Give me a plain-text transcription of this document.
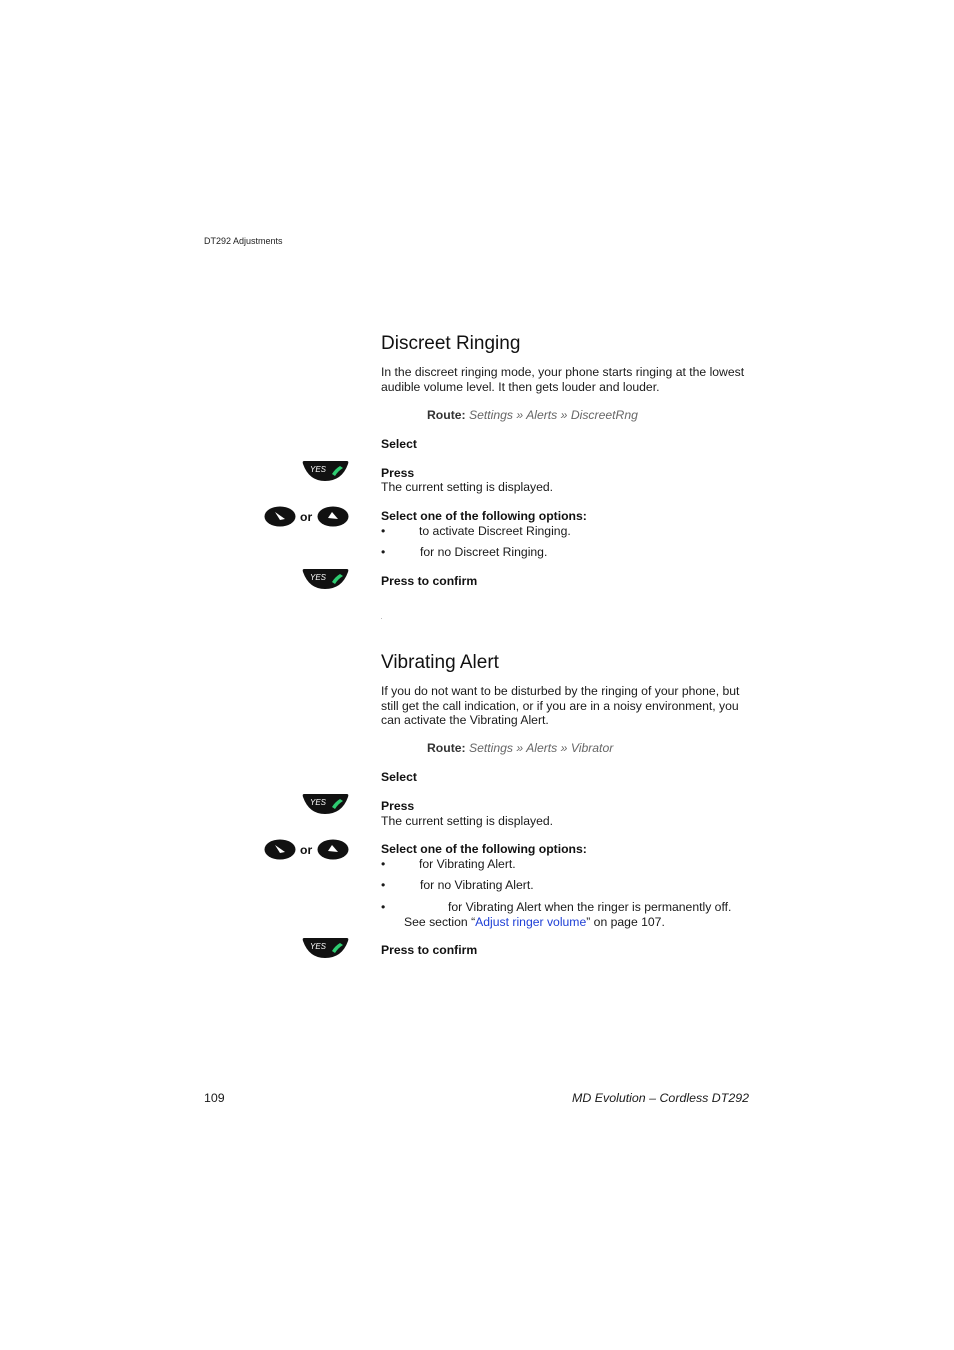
DT292 Adjustments
Discreet Ringing
In the discreet ringing mode, your phone starts ringing at the lowest audible volume level. It then gets louder and louder.
Route: Settings » Alerts » DiscreetRng
Select
YES	Press
The current setting is displayed.
or	Select one of the following options:
•	to activate Discreet Ringing.
•	for no Discreet Ringing.
YES	Press to confirm
Vibrating Alert
If you do not want to be disturbed by the ringing of your phone, but still get the call indication, or if you are in a noisy environment, you can activate the Vibrating Alert.
Route: Settings » Alerts » Vibrator
Select
YES	Press
The current setting is displayed.
or	Select one of the following options:
•	for Vibrating Alert.
•	for no Vibrating Alert.
•	for Vibrating Alert when the ringer is permanently off.
See section “Adjust ringer volume” on page 107.
YES	Press to confirm
109	MD Evolution – Cordless DT292
